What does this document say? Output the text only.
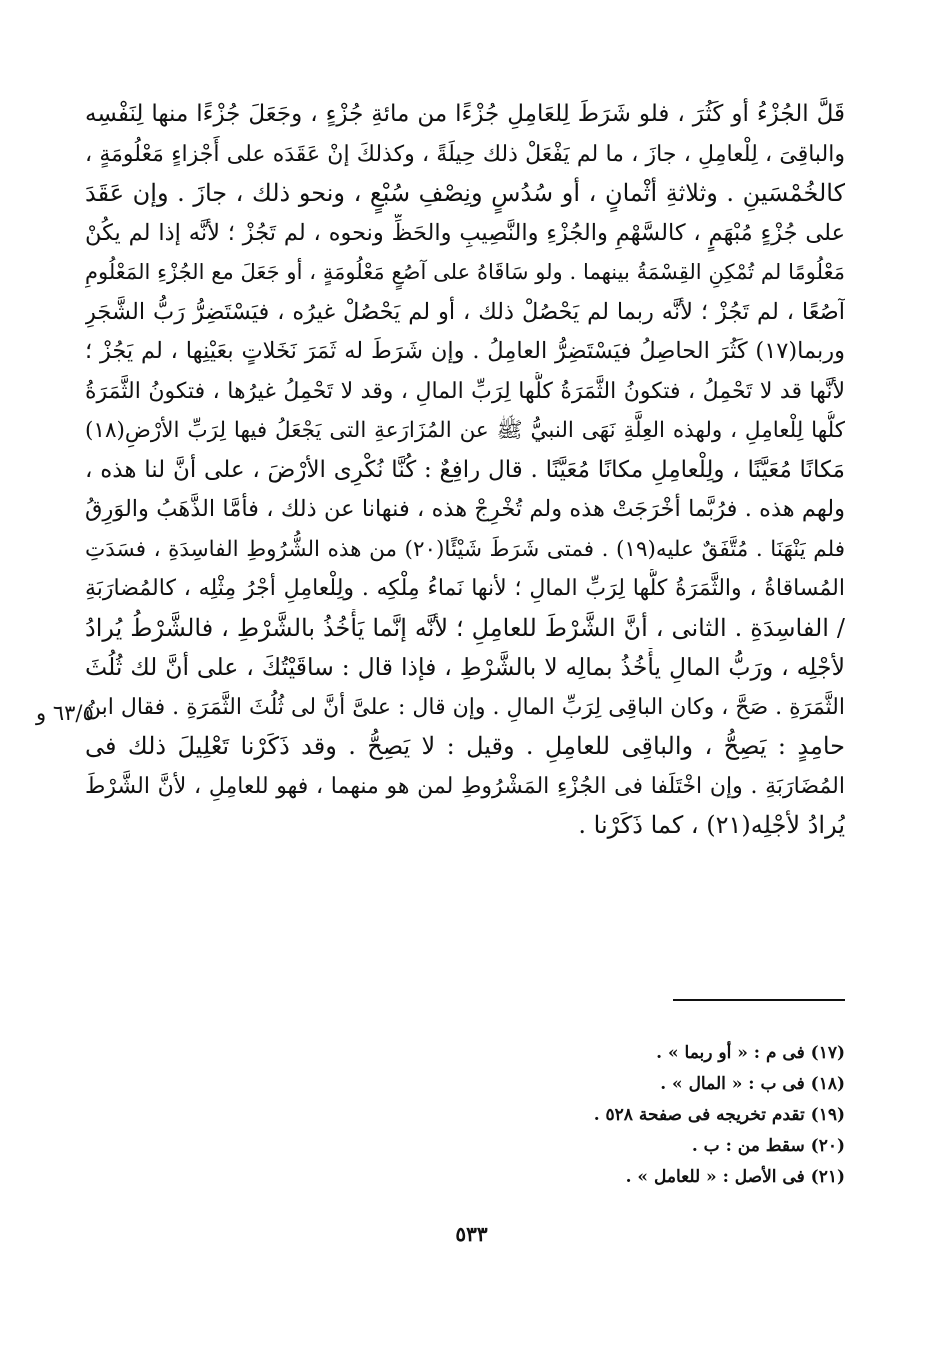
قَلَّ الجُزْءُ أو كَثُرَ ، فلو شَرَطَ لِلعَامِلِ جُزْءًا من مائةِ جُزْءٍ ، وجَعَلَ جُزْءًا منها لِنَفْسِه
والباقِىَ ، لِلْعامِلِ ، جازَ ، ما لم يَفْعَلْ ذلك حِيلَةً ، وكذلكَ إنْ عَقَدَه على أَجْزاءٍ مَعْلُومَةٍ ،
كالخُمْسَينِ . وثلاثةِ أثْمانٍ ، أو سُدُسٍ ونِصْفِ سُبْعٍ ، ونحو ذلك ، جازَ . وإن عَقَدَ
على جُزْءٍ مُبْهَمٍ ، كالسَّهْمِ والجُزْءِ والنَّصِيبِ والحَظِّ ونحوه ، لم تَجُزْ ؛ لأنَّه إذا لم يكُنْ
مَعْلُومًا لم تُمْكِنِ القِسْمَةُ بينهما . ولو سَاقَاهُ على آصُعٍ مَعْلُومَةٍ ، أو جَعَلَ مع الجُزْءِ المَعْلُومِ
آصُعًا ، لم تَجُزْ ؛ لأنَّه ربما لم يَحْصُلْ ذلك ، أو لم يَحْصُلْ غيرُه ، فيَسْتَضِرُّ رَبُّ الشَّجَرِ
وربما(١٧) كَثُرَ الحاصِلُ فيَسْتَضِرُّ العامِلُ . وإن شَرَطَ له ثَمَرَ نَخَلاتٍ بعَيْنِها ، لم يَجُزْ ؛
لأنَّها قد لا تَحْمِلُ ، فتكونُ الثَّمَرَةُ كلُّها لِرَبِّ المالِ ، وقد لا تَحْمِلُ غيرُها ، فتكونُ الثَّمَرَةُ
كلُّها لِلْعامِلِ ، ولهذه العِلَّةِ نَهَى النبيُّ ﷺ عن المُزَارَعةِ التى يَجْعَلُ فيها لِرَبِّ الأرْضِ(١٨)
مَكانًا مُعَيَّنًا ، ولِلْعامِلِ مكانًا مُعَيَّنًا . قال رافِعٌ : كُنَّا نُكْرِى الأرْضَ ، على أنَّ لنا هذه ،
ولهم هذه . فرُبَّما أخْرَجَتْ هذه ولم تُخْرِجْ هذه ، فنهانا عن ذلك ، فأمَّا الذَّهَبُ والوَرِقُ
فلم يَنْهَنَا . مُتَّفَقٌ عليه(١٩) . فمتى شَرَطَ شَيْئًا(٢٠) من هذه الشُّرُوطِ الفاسِدَةِ ، فسَدَتِ
المُساقاةُ ، والثَّمَرَةُ كلُّها لِرَبِّ المالِ ؛ لأنها نَماءُ مِلْكِه . ولِلْعامِلِ أجْرُ مِثْلِه ، كالمُضارَبَةِ
/ الفاسِدَةِ . الثانى ، أنَّ الشَّرْطَ للعامِلِ ؛ لأنَّه إنَّما يَأْخُذُ بالشَّرْطِ ، فالشَّرْطُ يُرادُ
لأجْلِه ، ورَبُّ المالِ يأْخُذُ بمالِه لا بالشَّرْطِ ، فإذا قال : ساقَيْتُكَ ، على أنَّ لك ثُلُثَ
الثَّمَرَةِ . صَحَّ ، وكان الباقِى لِرَبِّ المالِ . وإن قال : علىَّ أنَّ لى ثُلُثَ الثَّمَرَةِ . فقال ابنُ
حامِدٍ : يَصِحُّ ، والباقِى للعامِلِ . وقيل : لا يَصِحُّ . وقد ذَكَرْنا تَعْلِيلَ ذلك فى
المُضَارَبَةِ . وإن اخْتَلَفا فى الجُزْءِ المَشْرُوطِ لمن هو منهما ، فهو للعامِلِ ، لأنَّ الشَّرْطَ
يُرادُ لأجْلِه(٢١) ، كما ذَكَرْنا .
٦٣/٥ و
(١٧) فى م : « أو ربما » .
(١٨) فى ب : « المال » .
(١٩) تقدم تخريجه فى صفحة ٥٢٨ .
(٢٠) سقط من : ب .
(٢١) فى الأصل : « للعامل » .
٥٣٣
